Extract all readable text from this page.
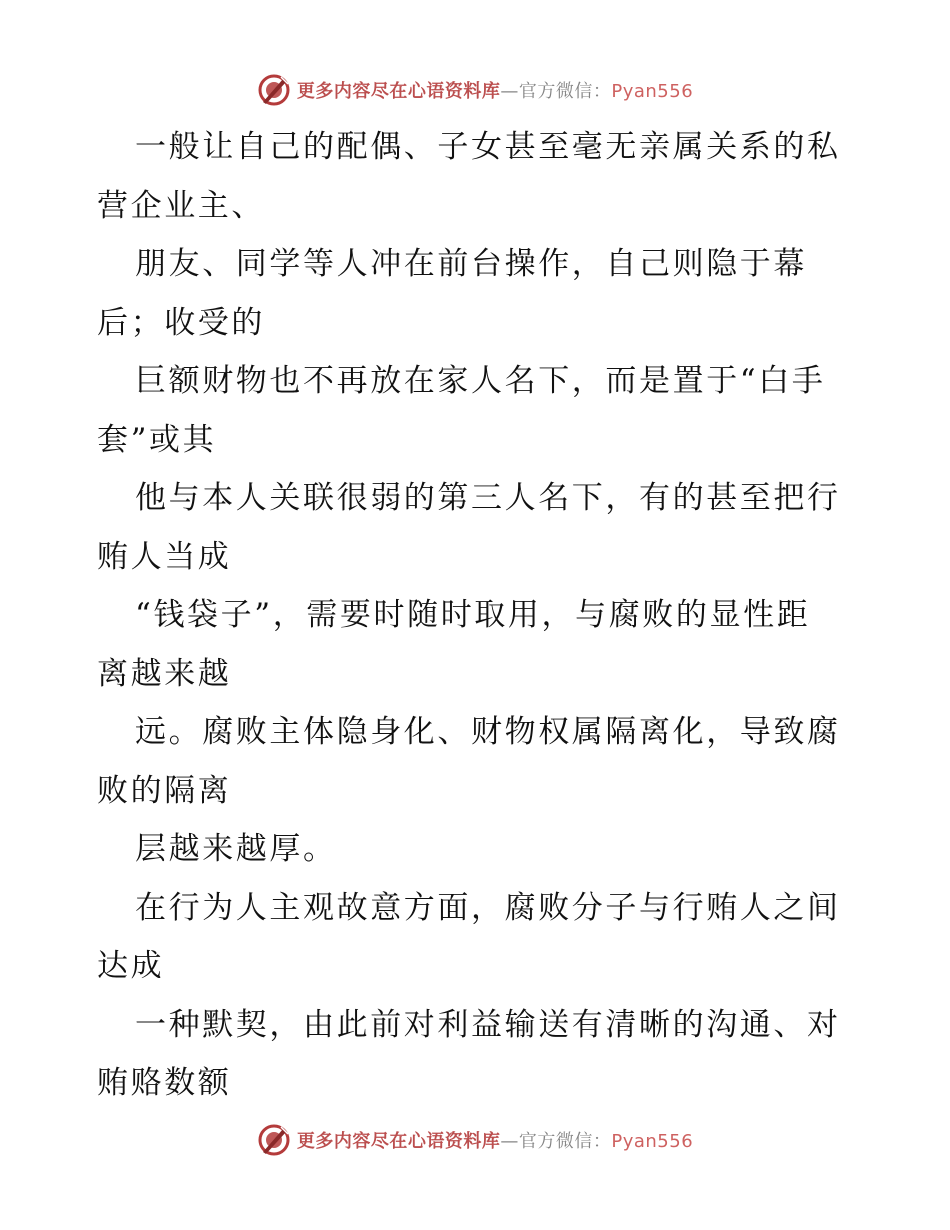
更多内容尽在心语资料库—官方微信：Pyan556

一般让自己的配偶、子女甚至毫无亲属关系的私
营企业主、

朋友、同学等人冲在前台操作，自己则隐于幕
后；收受的

巨额财物也不再放在家人名下，而是置于“白手
套”或其

他与本人关联很弱的第三人名下，有的甚至把行
贿人当成

“钱袋子”，需要时随时取用，与腐败的显性距
离越来越

远。腐败主体隐身化、财物权属隔离化，导致腐
败的隔离

层越来越厚。

在行为人主观故意方面，腐败分子与行贿人之间
达成

一种默契，由此前对利益输送有清晰的沟通、对
贿赂数额

更多内容尽在心语资料库—官方微信：Pyan556
